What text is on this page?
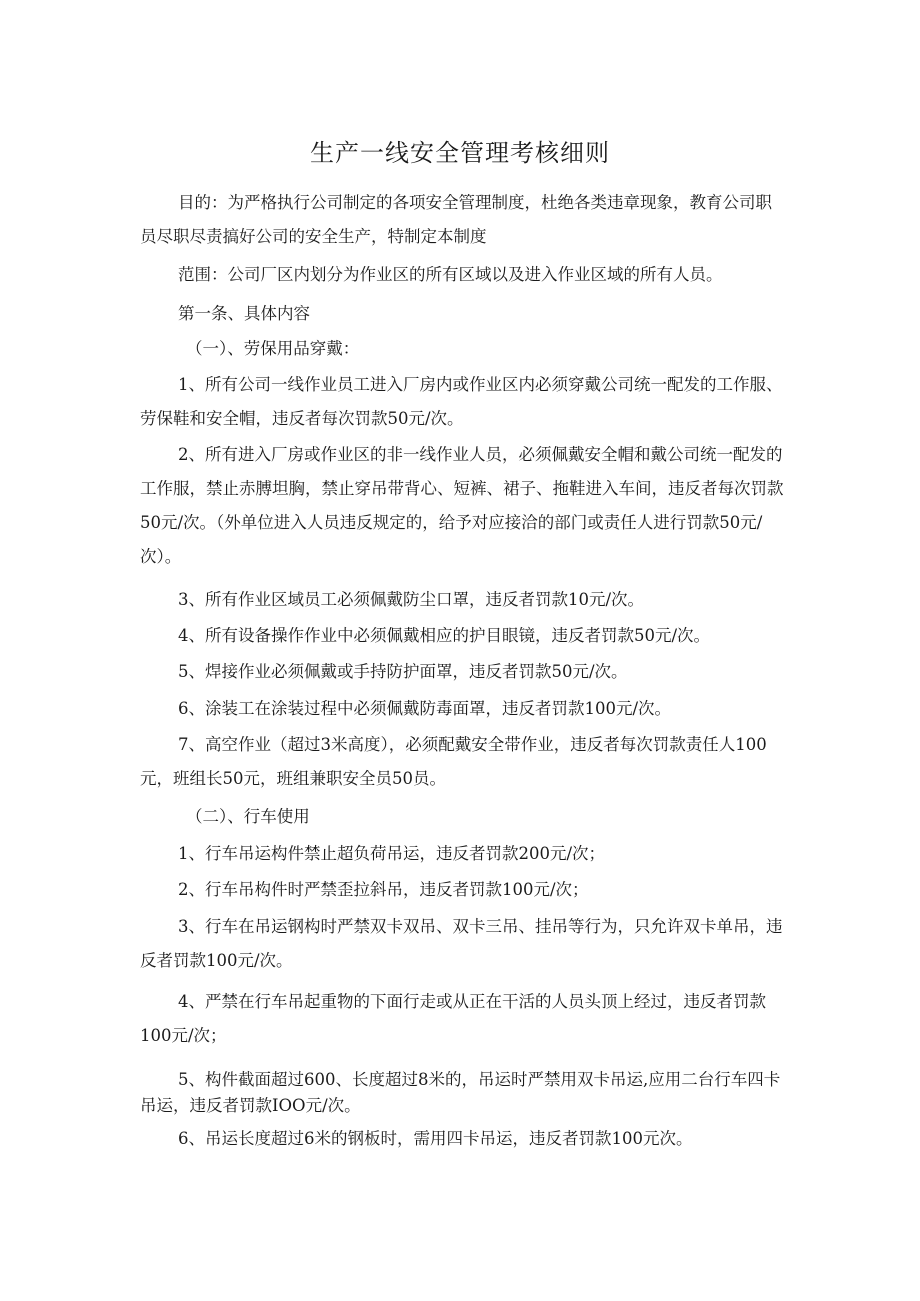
生产一线安全管理考核细则

目的：为严格执行公司制定的各项安全管理制度，杜绝各类违章现象，教育公司职员尽职尽责搞好公司的安全生产，特制定本制度

范围：公司厂区内划分为作业区的所有区域以及进入作业区域的所有人员。

第一条、具体内容

（一）、劳保用品穿戴：

1、所有公司一线作业员工进入厂房内或作业区内必须穿戴公司统一配发的工作服、劳保鞋和安全帽，违反者每次罚款50元/次。

2、所有进入厂房或作业区的非一线作业人员，必须佩戴安全帽和戴公司统一配发的工作服，禁止赤膊坦胸，禁止穿吊带背心、短裤、裙子、拖鞋进入车间，违反者每次罚款50元/次。（外单位进入人员违反规定的，给予对应接洽的部门或责任人进行罚款50元/次）。

3、所有作业区域员工必须佩戴防尘口罩，违反者罚款10元/次。

4、所有设备操作作业中必须佩戴相应的护目眼镜，违反者罚款50元/次。

5、焊接作业必须佩戴或手持防护面罩，违反者罚款50元/次。

6、涂装工在涂装过程中必须佩戴防毒面罩，违反者罚款100元/次。

7、高空作业（超过3米高度），必须配戴安全带作业，违反者每次罚款责任人100元，班组长50元，班组兼职安全员50员。

（二）、行车使用

1、行车吊运构件禁止超负荷吊运，违反者罚款200元/次；

2、行车吊构件时严禁歪拉斜吊，违反者罚款100元/次；

3、行车在吊运钢构时严禁双卡双吊、双卡三吊、挂吊等行为，只允许双卡单吊，违反者罚款100元/次。

4、严禁在行车吊起重物的下面行走或从正在干活的人员头顶上经过，违反者罚款100元/次；

5、构件截面超过600、长度超过8米的，吊运时严禁用双卡吊运,应用二台行车四卡吊运，违反者罚款IOO元/次。

6、吊运长度超过6米的钢板时，需用四卡吊运，违反者罚款100元次。
